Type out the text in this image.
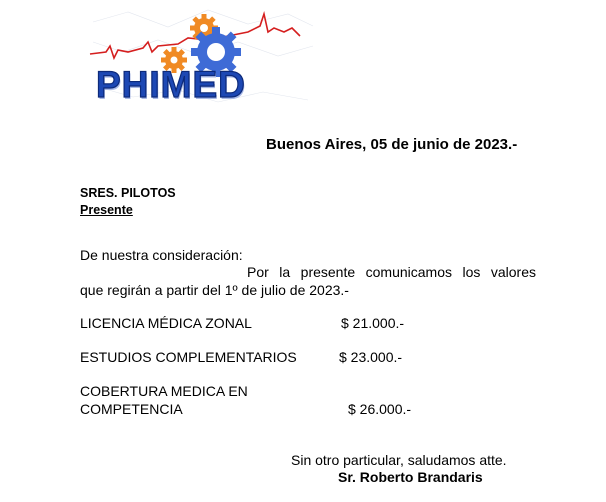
PHIMED
Buenos Aires, 05 de junio de 2023.-
SRES. PILOTOS
Presente
De nuestra consideración:
Por la presente comunicamos los valores
que regirán a partir del 1º de julio de 2023.-
LICENCIA MÉDICA ZONAL	$ 21.000.-
ESTUDIOS COMPLEMENTARIOS	$ 23.000.-
COBERTURA MEDICA EN
COMPETENCIA	$ 26.000.-
Sin otro particular, saludamos atte.
Sr. Roberto Brandaris
